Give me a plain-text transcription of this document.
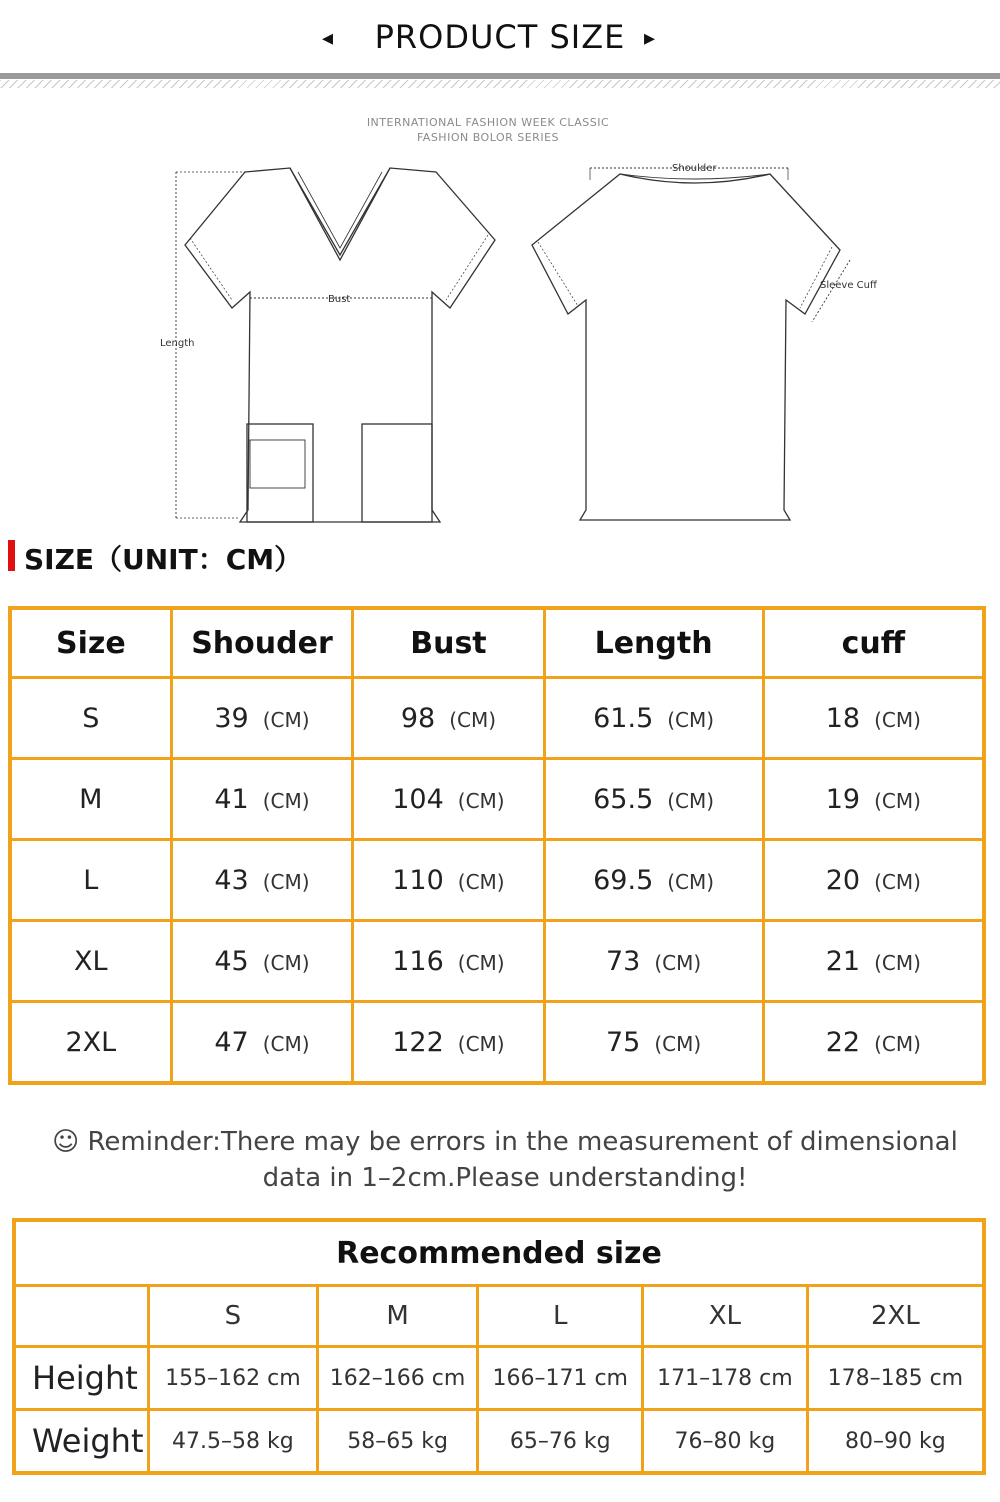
◂	PRODUCT SIZE ▸
INTERNATIONAL FASHION WEEK CLASSIC
FASHION BOLOR SERIES
Length
Bust
Shoulder
Sleeve Cuff
SIZE（UNIT：CM）
Size	Shouder	Bust	Length	cuff
S	39 (CM)	98 (CM)	61.5 (CM)	18 (CM)
M	41 (CM)	104 (CM)	65.5 (CM)	19 (CM)
L	43 (CM)	110 (CM)	69.5 (CM)	20 (CM)
XL	45 (CM)	116 (CM)	73 (CM)	21 (CM)
2XL	47 (CM)	122 (CM)	75 (CM)	22 (CM)
☺ Reminder:There may be errors in the measurement of dimensional
data in 1–2cm.Please understanding!
Recommended size					
	S	M	L	XL	2XL
Height	155–162 cm	162–166 cm	166–171 cm	171–178 cm	178–185 cm
Weight	47.5–58 kg	58–65 kg	65–76 kg	76–80 kg	80–90 kg
